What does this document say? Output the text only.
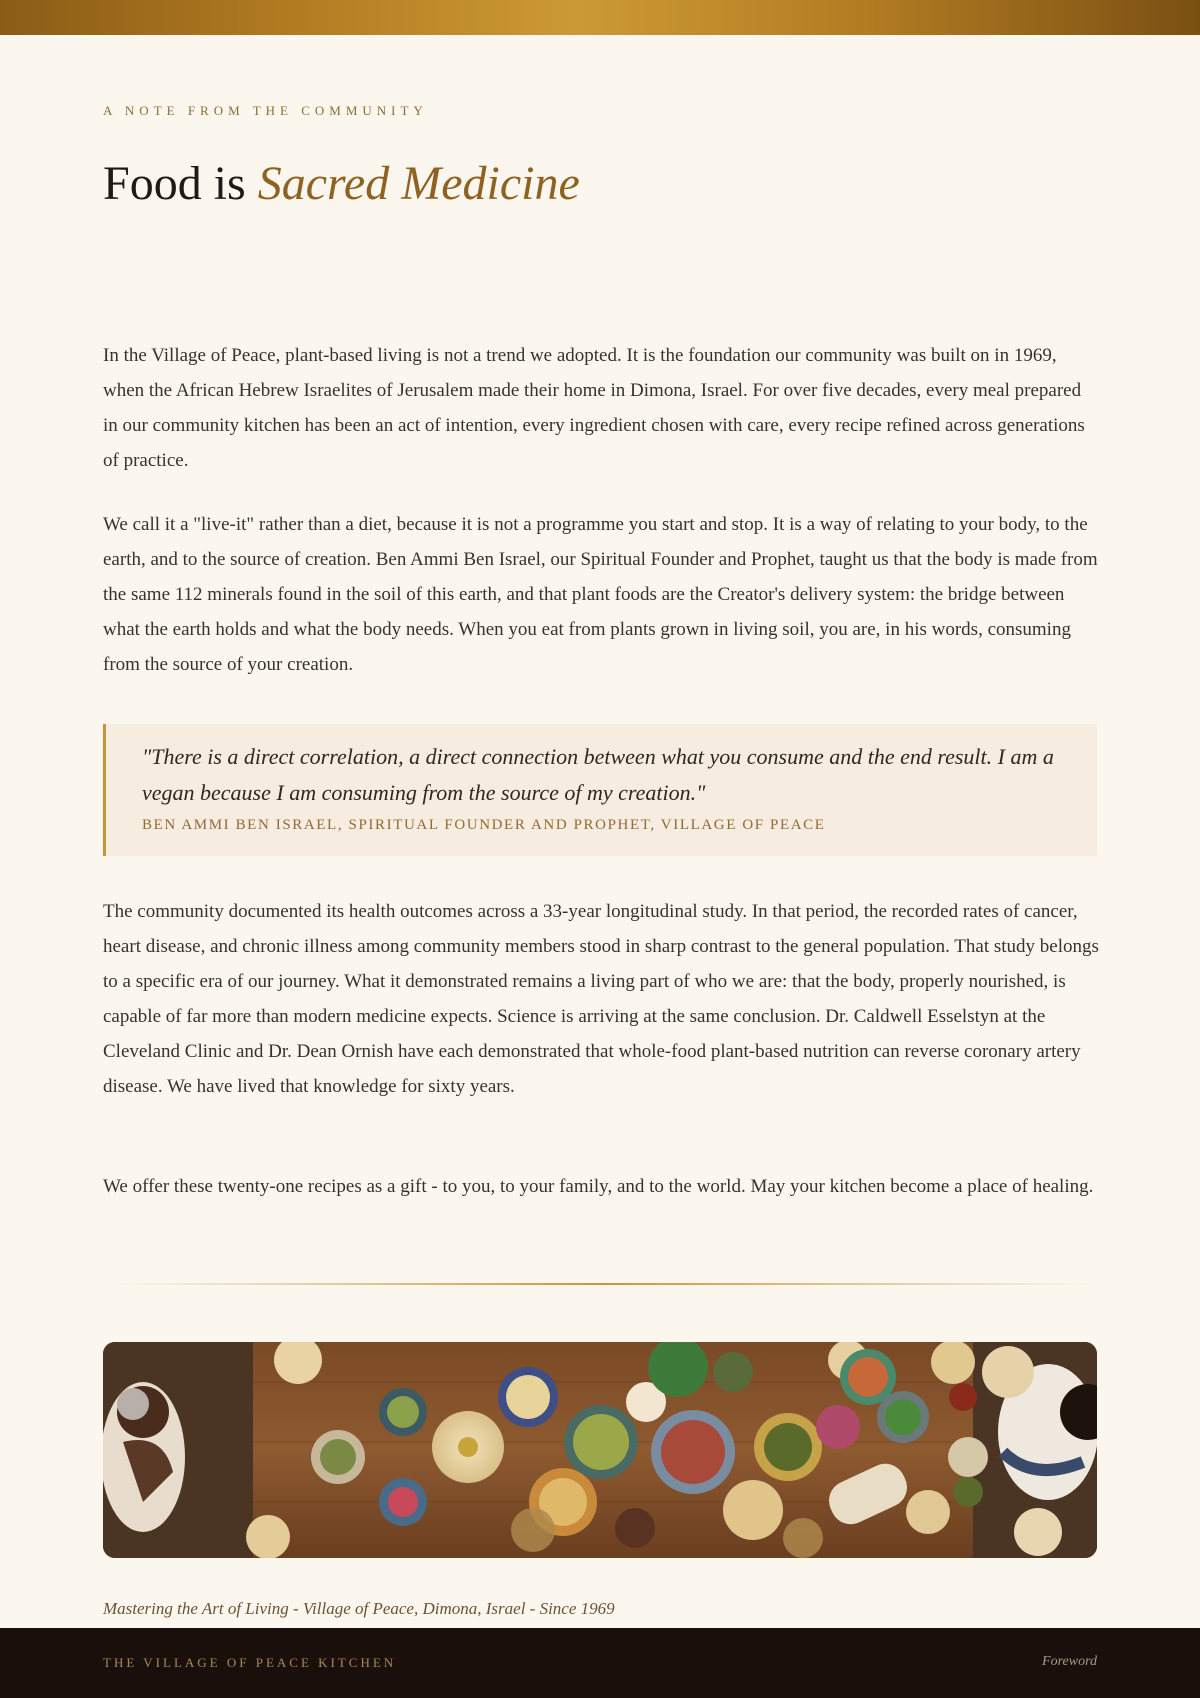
A NOTE FROM THE COMMUNITY
Food is Sacred Medicine

In the Village of Peace, plant-based living is not a trend we adopted. It is the foundation our community was built on in 1969, when the African Hebrew Israelites of Jerusalem made their home in Dimona, Israel. For over five decades, every meal prepared in our community kitchen has been an act of intention, every ingredient chosen with care, every recipe refined across generations of practice.

We call it a "live-it" rather than a diet, because it is not a programme you start and stop. It is a way of relating to your body, to the earth, and to the source of creation. Ben Ammi Ben Israel, our Spiritual Founder and Prophet, taught us that the body is made from the same 112 minerals found in the soil of this earth, and that plant foods are the Creator's delivery system: the bridge between what the earth holds and what the body needs. When you eat from plants grown in living soil, you are, in his words, consuming from the source of your creation.

"There is a direct correlation, a direct connection between what you consume and the end result. I am a vegan because I am consuming from the source of my creation."

BEN AMMI BEN ISRAEL, SPIRITUAL FOUNDER AND PROPHET, VILLAGE OF PEACE

The community documented its health outcomes across a 33-year longitudinal study. In that period, the recorded rates of cancer, heart disease, and chronic illness among community members stood in sharp contrast to the general population. That study belongs to a specific era of our journey. What it demonstrated remains a living part of who we are: that the body, properly nourished, is capable of far more than modern medicine expects. Science is arriving at the same conclusion. Dr. Caldwell Esselstyn at the Cleveland Clinic and Dr. Dean Ornish have each demonstrated that whole-food plant-based nutrition can reverse coronary artery disease. We have lived that knowledge for sixty years.

We offer these twenty-one recipes as a gift - to you, to your family, and to the world. May your kitchen become a place of healing.

Mastering the Art of Living - Village of Peace, Dimona, Israel - Since 1969
THE VILLAGE OF PEACE KITCHEN	Foreword
